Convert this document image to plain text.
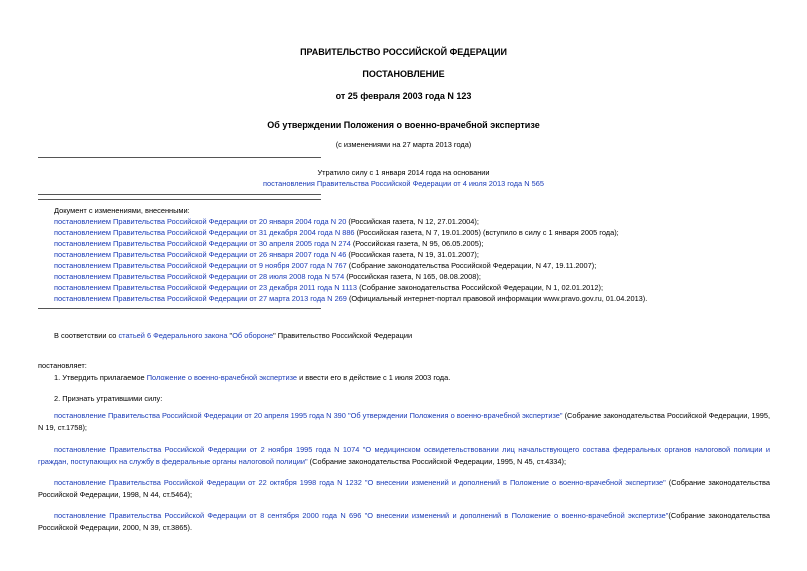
ПРАВИТЕЛЬСТВО РОССИЙСКОЙ ФЕДЕРАЦИИ
ПОСТАНОВЛЕНИЕ
от 25 февраля 2003 года N 123
Об утверждении Положения о военно-врачебной экспертизе
(с изменениями на 27 марта 2013 года)
Утратило силу с 1 января 2014 года на основании
постановления Правительства Российской Федерации от 4 июля 2013 года N 565
Документ с изменениями, внесенными:
постановлением Правительства Российской Федерации от 20 января 2004 года N 20 (Российская газета, N 12, 27.01.2004);
постановлением Правительства Российской Федерации от 31 декабря 2004 года N 886 (Российская газета, N 7, 19.01.2005) (вступило в силу с 1 января 2005 года);
постановлением Правительства Российской Федерации от 30 апреля 2005 года N 274 (Российская газета, N 95, 06.05.2005);
постановлением Правительства Российской Федерации от 26 января 2007 года N 46 (Российская газета, N 19, 31.01.2007);
постановлением Правительства Российской Федерации от 9 ноября 2007 года N 767 (Собрание законодательства Российской Федерации, N 47, 19.11.2007);
постановлением Правительства Российской Федерации от 28 июля 2008 года N 574 (Российская газета, N 165, 08.08.2008);
постановлением Правительства Российской Федерации от 23 декабря 2011 года N 1113 (Собрание законодательства Российской Федерации, N 1, 02.01.2012);
постановлением Правительства Российской Федерации от 27 марта 2013 года N 269 (Официальный интернет-портал правовой информации www.pravo.gov.ru, 01.04.2013).
В соответствии со статьей 6 Федерального закона "Об обороне" Правительство Российской Федерации
постановляет:
1. Утвердить прилагаемое Положение о военно-врачебной экспертизе и ввести его в действие с 1 июля 2003 года.
2. Признать утратившими силу:
постановление Правительства Российской Федерации от 20 апреля 1995 года N 390 "Об утверждении Положения о военно-врачебной экспертизе" (Собрание законодательства Российской Федерации, 1995, N 19, ст.1758);
постановление Правительства Российской Федерации от 2 ноября 1995 года N 1074 "О медицинском освидетельствовании лиц начальствующего состава федеральных органов налоговой полиции и граждан, поступающих на службу в федеральные органы налоговой полиции" (Собрание законодательства Российской Федерации, 1995, N 45, ст.4334);
постановление Правительства Российской Федерации от 22 октября 1998 года N 1232 "О внесении изменений и дополнений в Положение о военно-врачебной экспертизе" (Собрание законодательства Российской Федерации, 1998, N 44, ст.5464);
постановление Правительства Российской Федерации от 8 сентября 2000 года N 696 "О внесении изменений и дополнений в Положение о военно-врачебной экспертизе"(Собрание законодательства Российской Федерации, 2000, N 39, ст.3865).
